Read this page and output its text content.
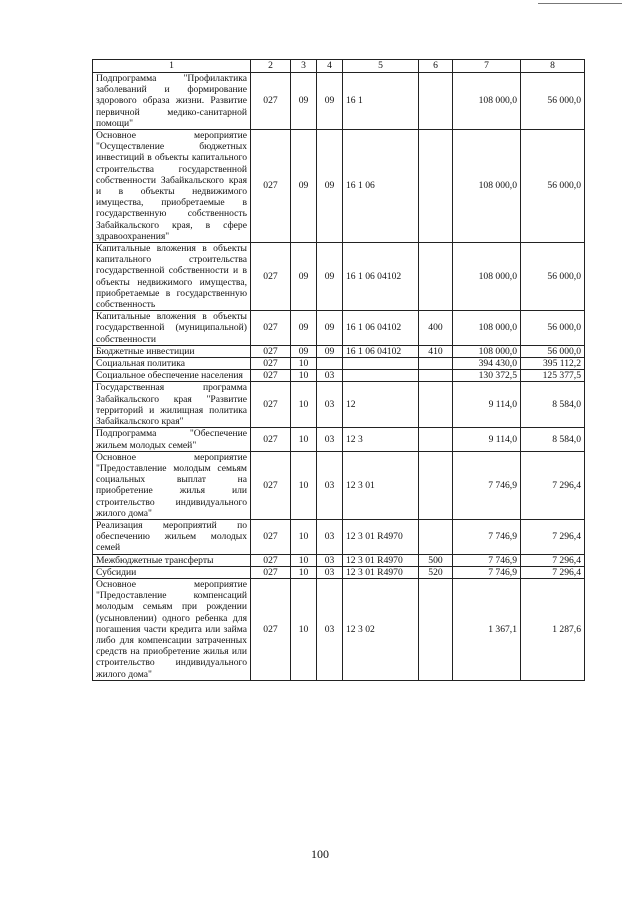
1	2	3	4	5	6	7	8
Подпрограмма "Профилактика заболеваний и формирование здорового образа жизни. Развитие первичной медико-санитарной помощи"	027	09	09	16 1		108 000,0	56 000,0
Основное мероприятие "Осуществление бюджетных инвестиций в объекты капитального строительства государственной собственности Забайкальского края и в объекты недвижимого имущества, приобретаемые в государственную собственность Забайкальского края, в сфере здравоохранения"	027	09	09	16 1 06		108 000,0	56 000,0
Капитальные вложения в объекты капитального строительства государственной собственности и в объекты недвижимого имущества, приобретаемые в государственную собственность	027	09	09	16 1 06 04102		108 000,0	56 000,0
Капитальные вложения в объекты государственной (муниципальной) собственности	027	09	09	16 1 06 04102	400	108 000,0	56 000,0
Бюджетные инвестиции	027	09	09	16 1 06 04102	410	108 000,0	56 000,0
Социальная политика	027	10				394 430,0	395 112,2
Социальное обеспечение населения	027	10	03			130 372,5	125 377,5
Государственная программа Забайкальского края "Развитие территорий и жилищная политика Забайкальского края"	027	10	03	12		9 114,0	8 584,0
Подпрограмма "Обеспечение жильем молодых семей"	027	10	03	12 3		9 114,0	8 584,0
Основное мероприятие "Предоставление молодым семьям социальных выплат на приобретение жилья или строительство индивидуального жилого дома"	027	10	03	12 3 01		7 746,9	7 296,4
Реализация мероприятий по обеспечению жильем молодых семей	027	10	03	12 3 01 R4970		7 746,9	7 296,4
Межбюджетные трансферты	027	10	03	12 3 01 R4970	500	7 746,9	7 296,4
Субсидии	027	10	03	12 3 01 R4970	520	7 746,9	7 296,4
Основное мероприятие "Предоставление компенсаций молодым семьям при рождении (усыновлении) одного ребенка для погашения части кредита или займа либо для компенсации затраченных средств на приобретение жилья или строительство индивидуального жилого дома"	027	10	03	12 3 02		1 367,1	1 287,6
100
